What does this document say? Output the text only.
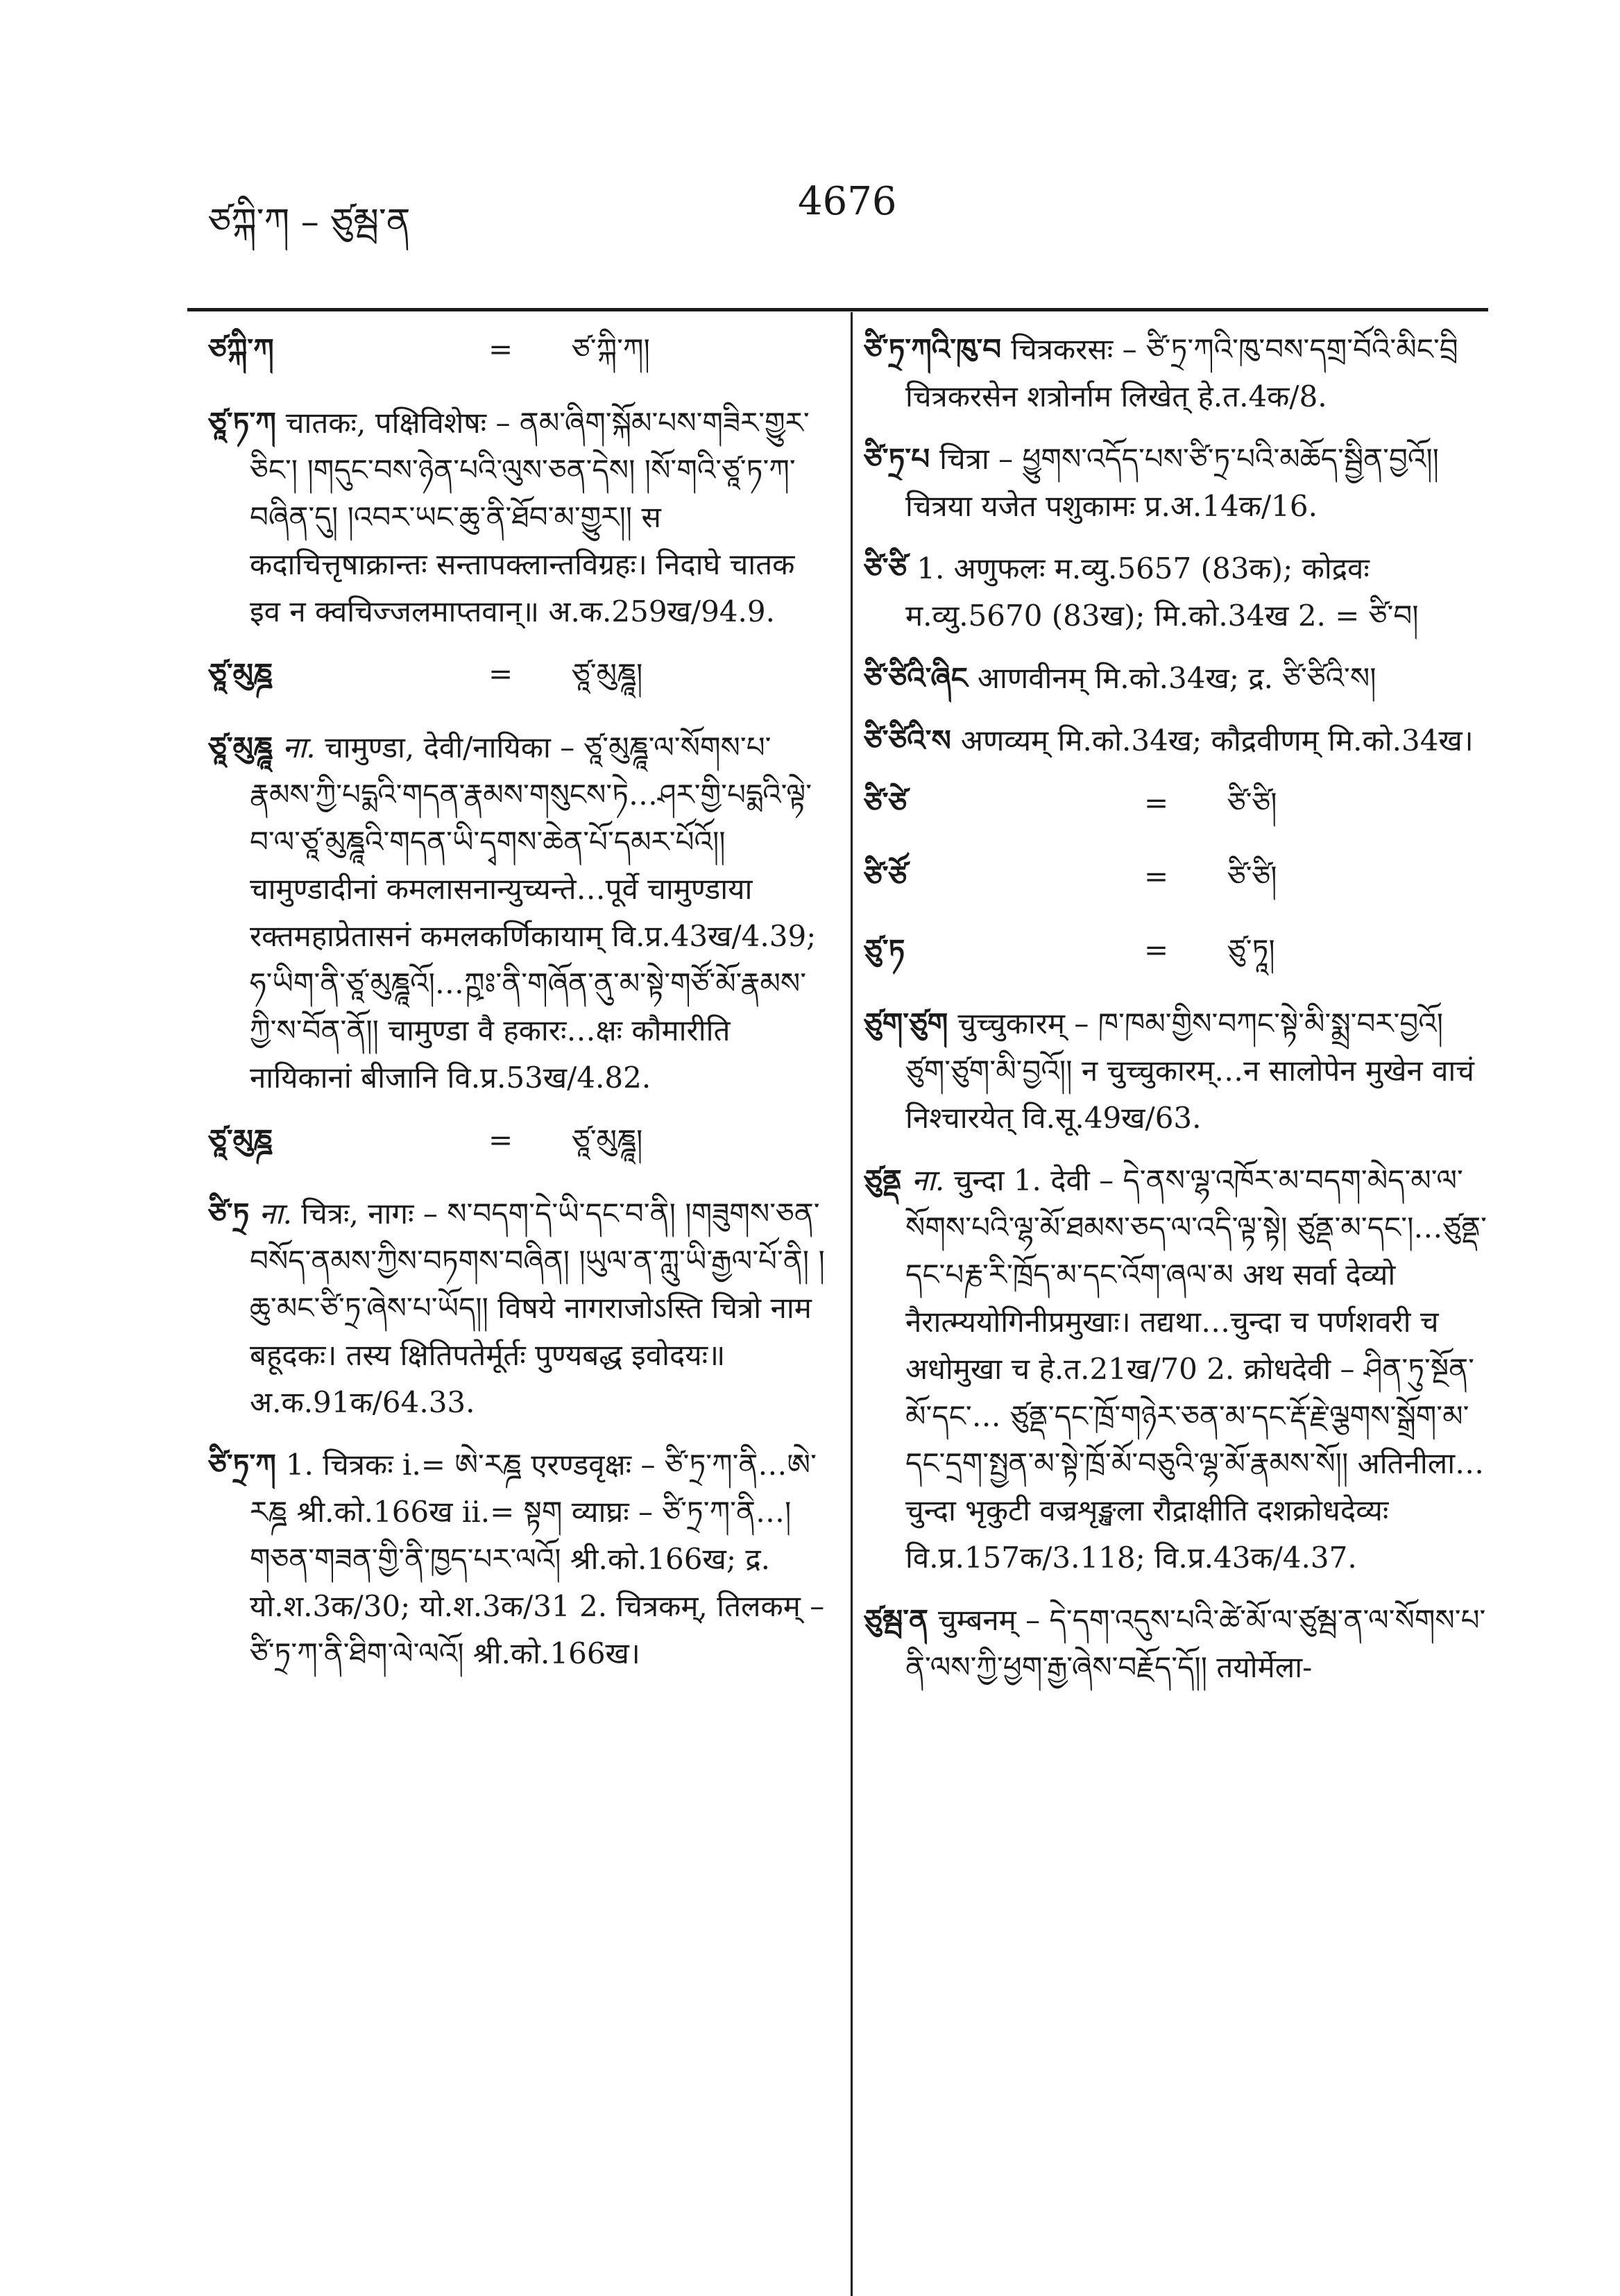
ཙཀྐི་ཀ – ཙུམྦ་ན	4676
ཙཀྐི་ཀ	=	ཙ་ཀྐི་ཀ།

ཙཱ་ཏ་ཀ चातकः, पक्षिविशेषः – ནམ་ཞིག་སྐོམ་པས་གཟིར་གྱུར་ཅིང་། །གདུང་བས་ཉེན་པའི་ལུས་ཅན་དེས། །སོ་གའི་ཙཱ་ཏ་ཀ་བཞིན་དུ། །འབར་ཡང་ཆུ་ནི་ཐོབ་མ་གྱུར།། स कदाचित्तृषाक्रान्तः सन्तापक्लान्तविग्रहः। निदाघे चातक इव न क्वचिज्जलमाप्तवान्॥ अ.क.259ख/94.9.

ཙཱ་མུཎྜ	=	ཙཱ་མུཎྜཱ།

ཙཱ་མུཎྜཱ ना. चामुण्डा, देवी/नायिका – ཙཱ་མུཎྜཱ་ལ་སོགས་པ་རྣམས་ཀྱི་པདྨའི་གདན་རྣམས་གསུངས་ཏེ…ཤར་གྱི་པདྨའི་ལྟེ་བ་ལ་ཙཱ་མུཎྜཱའི་གདན་ཡི་དྭགས་ཆེན་པོ་དམར་པོའོ།། चामुण्डादीनां कमलासनान्युच्यन्ते…पूर्वे चामुण्डाया रक्तमहाप्रेतासनं कमलकर्णिकायाम् वि.प्र.43ख/4.39; ཧ་ཡིག་ནི་ཙཱ་མུཎྜཱའོ།…ཀྵཿ་ནི་གཞོན་ནུ་མ་སྟེ་གཙོ་མོ་རྣམས་ཀྱི་ས་བོན་ནོ།། चामुण्डा वै हकारः…क्षः कौमारीति नायिकानां बीजानि वि.प्र.53ख/4.82.

ཙཱ་མུཎྜ	=	ཙཱ་མུཎྜཱ།

ཙི་ཏྲ ना. चित्रः, नागः – ས་བདག་དེ་ཡི་དང་བ་ནི། །གཟུགས་ཅན་བསོད་ནམས་ཀྱིས་བཏགས་བཞིན། །ཡུལ་ན་ཀླུ་ཡི་རྒྱལ་པོ་ནི། །ཆུ་མང་ཙི་ཏྲ་ཞེས་པ་ཡོད།། विषये नागराजोऽस्ति चित्रो नाम बहूदकः। तस्य क्षितिपतेर्मूर्तः पुण्यबद्ध इवोदयः॥ अ.क.91क/64.33.

ཙི་ཏྲ་ཀ 1. चित्रकः i.= ཨེ་རཎྜ एरण्डवृक्षः – ཙི་ཏྲ་ཀ་ནི…ཨེ་རཎྜ श्री.को.166ख ii.= སྟག व्याघ्रः – ཙི་ཏྲ་ཀ་ནི…།གཅན་གཟན་གྱི་ནི་ཁྱད་པར་ལའོ། श्री.को.166ख; द्र. यो.श.3क/30; यो.श.3क/31 2. चित्रकम्, तिलकम् – ཙི་ཏྲ་ཀ་ནི་ཐིག་ལེ་ལའོ། श्री.को.166ख।

ཙི་ཏྲ་ཀའི་ཁུ་བ चित्रकरसः – ཙི་ཏྲ་ཀའི་ཁུ་བས་དགྲ་བོའི་མིང་བྲི चित्रकरसेन शत्रोर्नाम लिखेत् हे.त.4क/8.

ཙི་ཏྲ་པ चित्रा – ཕྱུགས་འདོད་པས་ཙི་ཏྲ་པའི་མཆོད་སྦྱིན་བྱའོ།། चित्रया यजेत पशुकामः प्र.अ.14क/16.

ཙི་ཙི 1. अणुफलः म.व्यु.5657 (83क); कोद्रवः म.व्यु.5670 (83ख); मि.को.34ख 2. = ཙི་བ།

ཙི་ཙིའི་ཞིང आणवीनम् मि.को.34ख; द्र. ཙི་ཙིའི་ས།

ཙི་ཙིའི་ས अणव्यम् मि.को.34ख; कौद्रवीणम् मि.को.34ख।

ཙི་ཙེ	=	ཙི་ཙི།
ཙི་ཙོ	=	ཙི་ཙི།
ཙུ་ཏ	=	ཙུ་ཏཱ།

ཙུག་ཙུག चुच्चुकारम् – ཁ་ཁམ་གྱིས་བཀང་སྟེ་མི་སྨྲ་བར་བྱའོ། ཙུག་ཙུག་མི་བྱའོ།། न चुच्चुकारम्…न सालोपेन मुखेन वाचं निश्चारयेत् वि.सू.49ख/63.

ཙུནྡ ना. चुन्दा 1. देवी – དེ་ནས་ལྷ་འཁོར་མ་བདག་མེད་མ་ལ་སོགས་པའི་ལྷ་མོ་ཐམས་ཅད་ལ་འདི་ལྟ་སྟེ། ཙུནྡ་མ་དང་།…ཙུནྡ་དང་པརྞ་རི་ཁྲོད་མ་དང་འོག་ཞལ་མ अथ सर्वा देव्यो नैरात्म्ययोगिनीप्रमुखाः। तद्यथा…चुन्दा च पर्णशवरी च अधोमुखा च हे.त.21ख/70 2. क्रोधदेवी – ཤིན་ཏུ་སྔོན་མོ་དང་… ཙུནྡ་དང་ཁྲོ་གཉེར་ཅན་མ་དང་རྡོ་རྗེ་ལྕགས་སྒྲོག་མ་དང་དྲག་སྤྱན་མ་སྟེ་ཁྲོ་མོ་བཅུའི་ལྷ་མོ་རྣམས་སོ།། अतिनीला… चुन्दा भृकुटी वज्रशृङ्खला रौद्राक्षीति दशक्रोधदेव्यः वि.प्र.157क/3.118; वि.प्र.43क/4.37.

ཙུམྦ་ན चुम्बनम् – དེ་དག་འདུས་པའི་ཚེ་མོ་ལ་ཙུམྦ་ན་ལ་སོགས་པ་ནི་ལས་ཀྱི་ཕྱག་རྒྱ་ཞེས་བརྗོད་དོ།། तयोर्मेला-
